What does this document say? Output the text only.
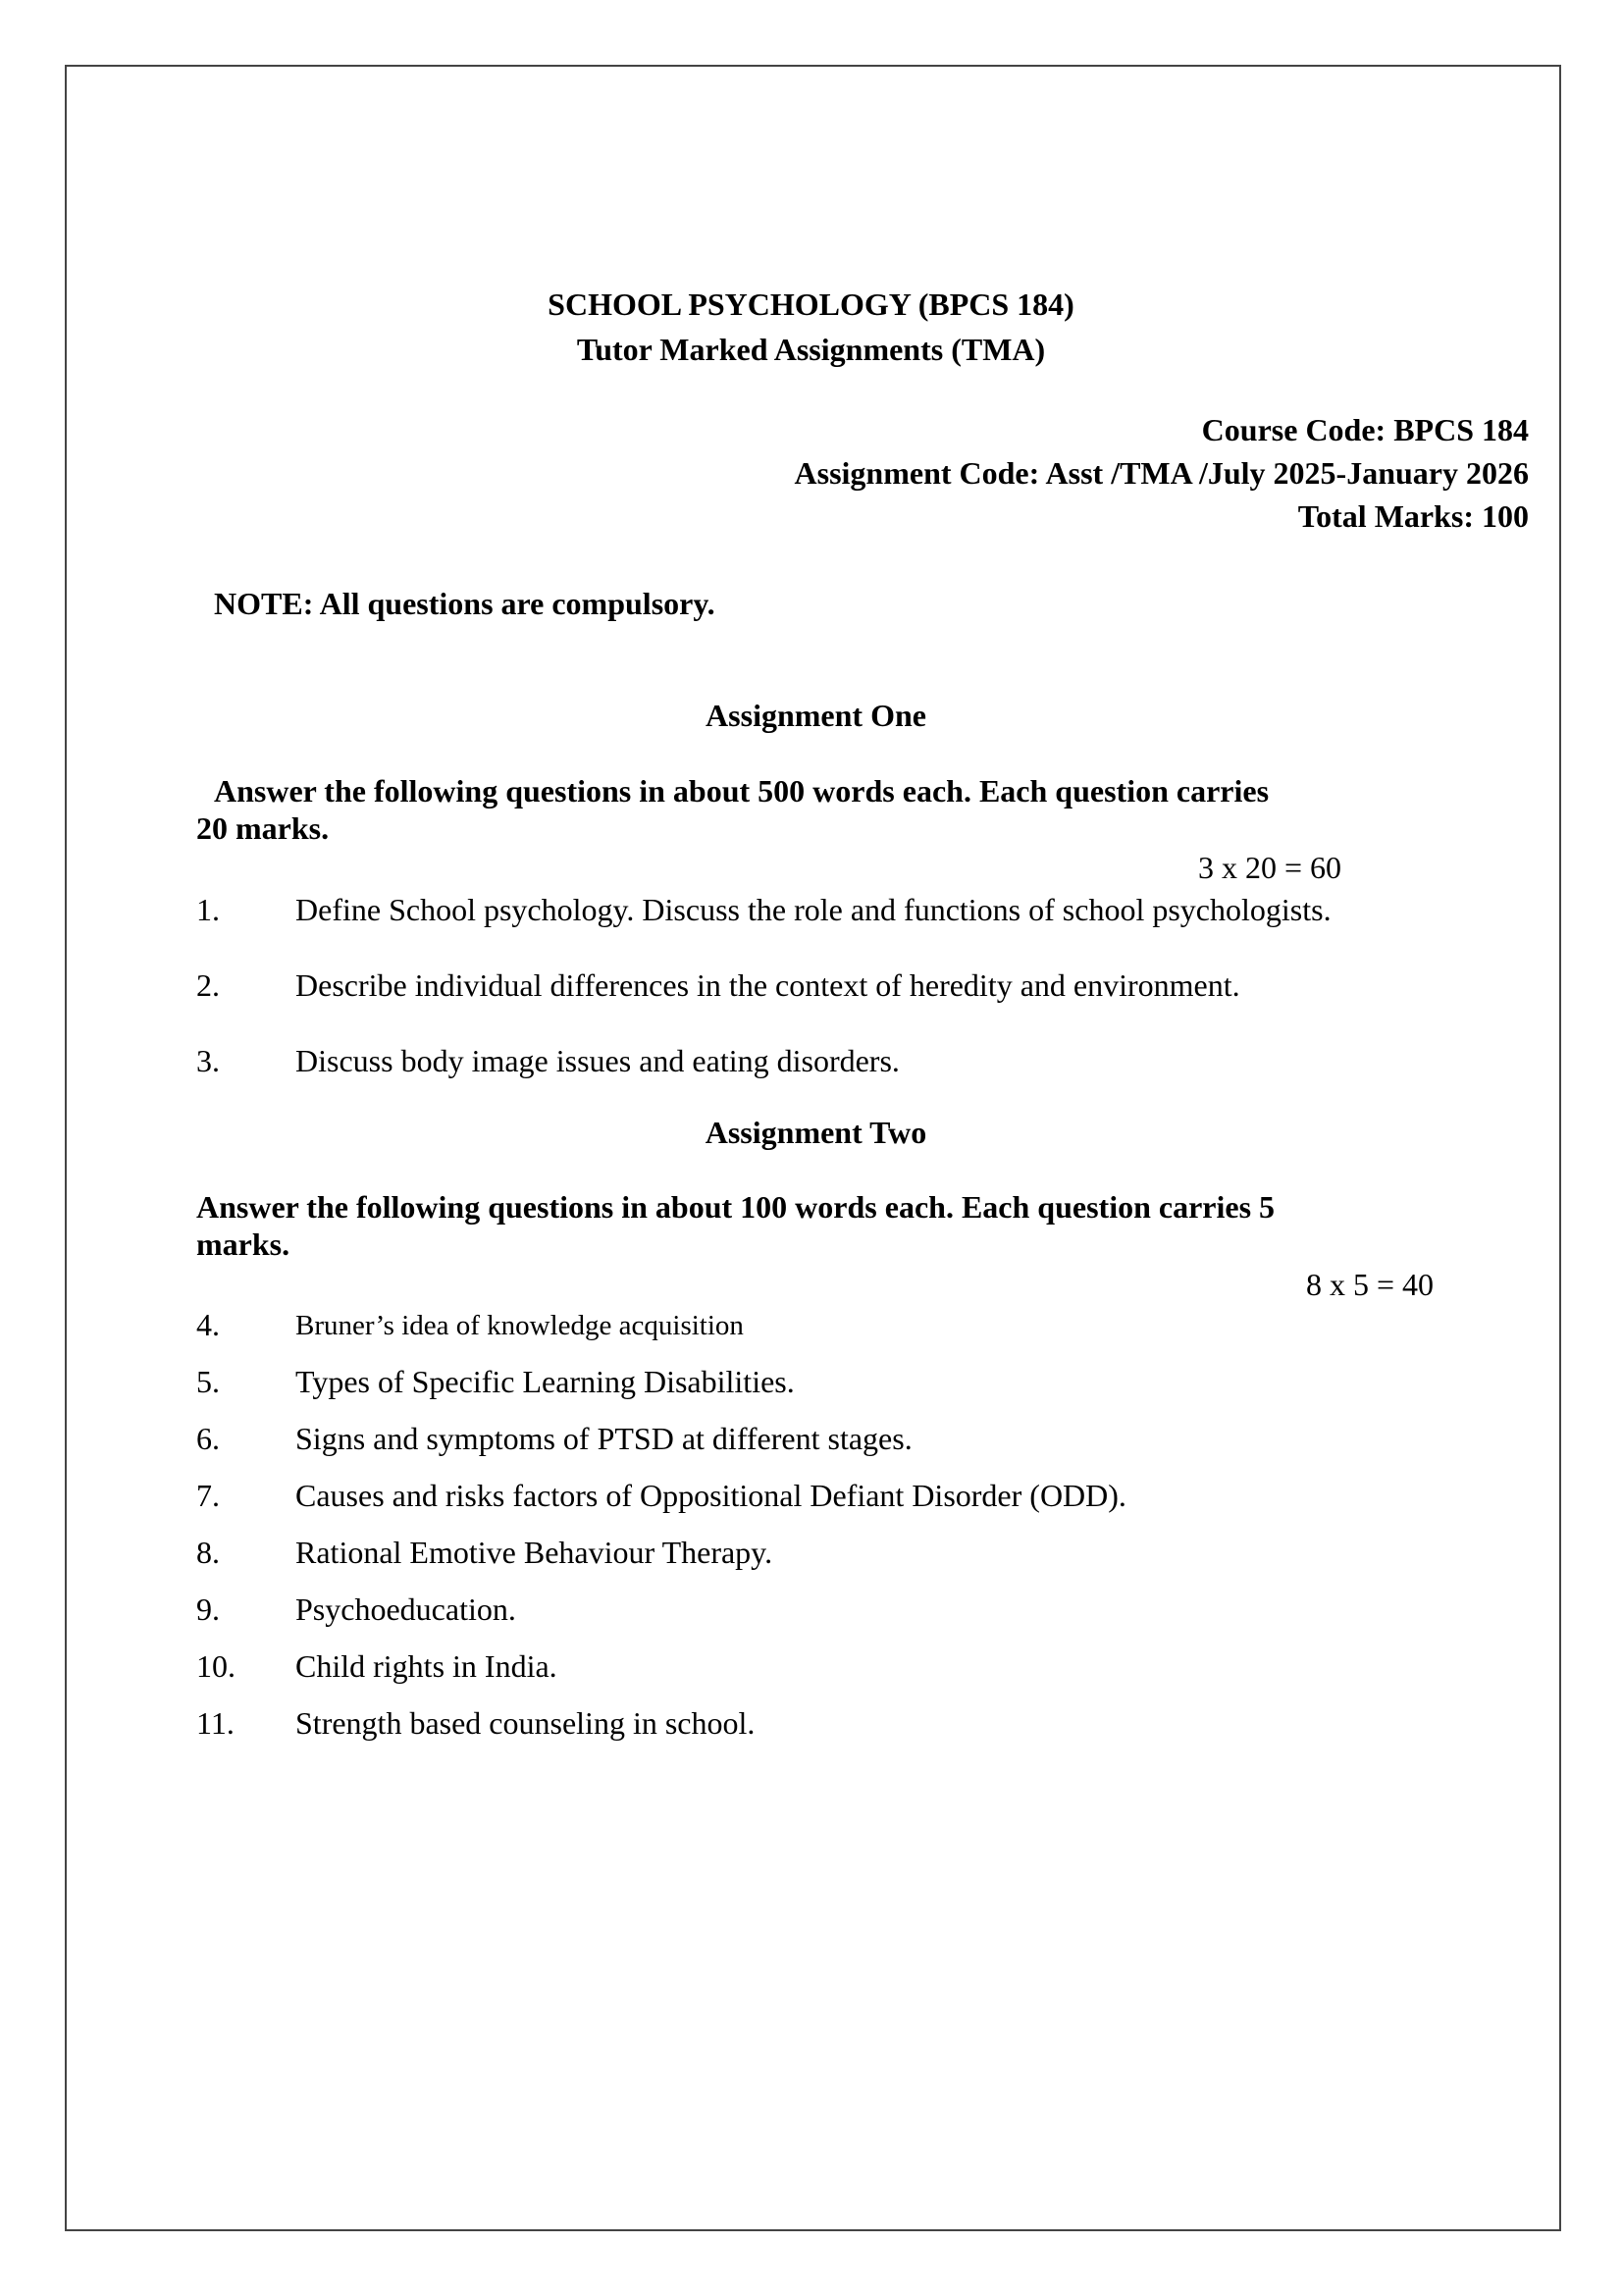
SCHOOL PSYCHOLOGY (BPCS 184)
Tutor Marked Assignments (TMA)
Course Code: BPCS 184
Assignment Code: Asst /TMA /July 2025-January 2026
Total Marks: 100
NOTE: All questions are compulsory.
Assignment One
Answer the following questions in about 500 words each. Each question carries
20 marks.
3 x 20 = 60
1. Define School psychology. Discuss the role and functions of school psychologists.
2. Describe individual differences in the context of heredity and environment.
3. Discuss body image issues and eating disorders.
Assignment Two
Answer the following questions in about 100 words each. Each question carries 5
marks.
8 x 5 = 40
4.	Bruner’s idea of knowledge acquisition
5. Types of Specific Learning Disabilities.
6. Signs and symptoms of PTSD at different stages.
7. Causes and risks factors of Oppositional Defiant Disorder (ODD).
8. Rational Emotive Behaviour Therapy.
9. Psychoeducation.
10. Child rights in India.
11. Strength based counseling in school.
